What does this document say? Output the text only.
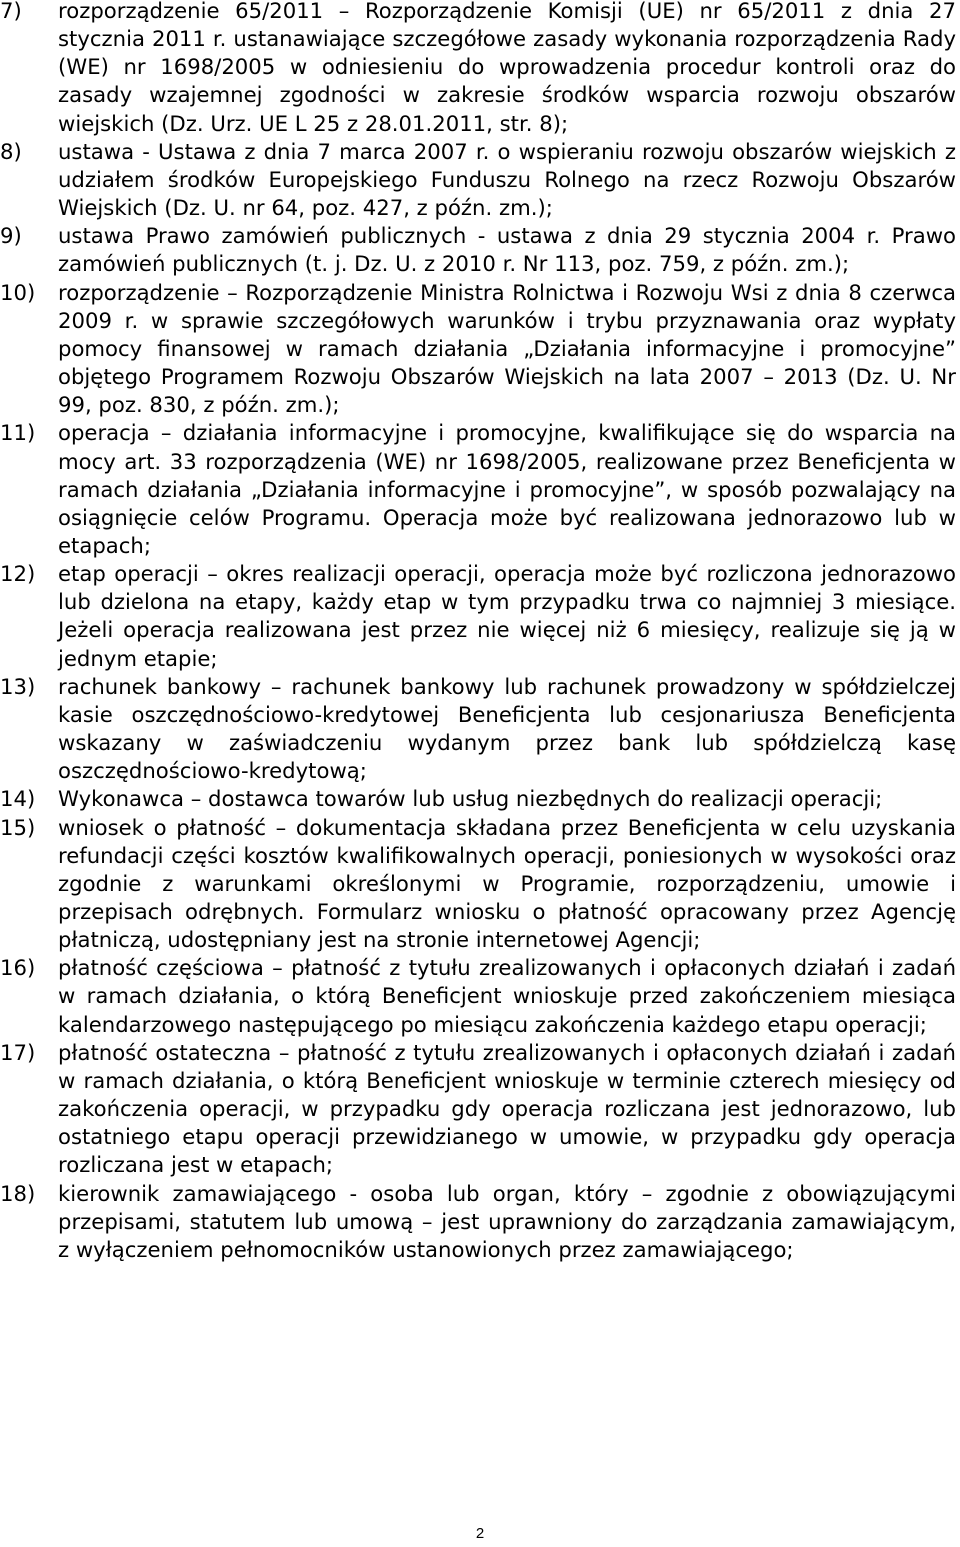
7) rozporządzenie 65/2011 – Rozporządzenie Komisji (UE) nr 65/2011 z dnia 27 stycznia 2011 r. ustanawiające szczegółowe zasady wykonania rozporządzenia Rady (WE) nr 1698/2005 w odniesieniu do wprowadzenia procedur kontroli oraz do zasady wzajemnej zgodności w zakresie środków wsparcia rozwoju obszarów wiejskich (Dz. Urz. UE L 25 z 28.01.2011, str. 8);
8) ustawa - Ustawa z dnia 7 marca 2007 r. o wspieraniu rozwoju obszarów wiejskich z udziałem środków Europejskiego Funduszu Rolnego na rzecz Rozwoju Obszarów Wiejskich (Dz. U. nr 64, poz. 427, z późn. zm.);
9) ustawa Prawo zamówień publicznych - ustawa z dnia 29 stycznia 2004 r. Prawo zamówień publicznych (t. j. Dz. U. z 2010 r. Nr 113, poz. 759, z późn. zm.);
10) rozporządzenie – Rozporządzenie Ministra Rolnictwa i Rozwoju Wsi z dnia 8 czerwca 2009 r. w sprawie szczegółowych warunków i trybu przyznawania oraz wypłaty pomocy finansowej w ramach działania „Działania informacyjne i promocyjne” objętego Programem Rozwoju Obszarów Wiejskich na lata 2007 – 2013 (Dz. U. Nr 99, poz. 830, z późn. zm.);
11) operacja – działania informacyjne i promocyjne, kwalifikujące się do wsparcia na mocy art. 33 rozporządzenia (WE) nr 1698/2005, realizowane przez Beneficjenta w ramach działania „Działania informacyjne i promocyjne”, w sposób pozwalający na osiągnięcie celów Programu. Operacja może być realizowana jednorazowo lub w etapach;
12) etap operacji – okres realizacji operacji, operacja może być rozliczona jednorazowo lub dzielona na etapy, każdy etap w tym przypadku trwa co najmniej 3 miesiące. Jeżeli operacja realizowana jest przez nie więcej niż 6 miesięcy, realizuje się ją w jednym etapie;
13) rachunek bankowy – rachunek bankowy lub rachunek prowadzony w spółdzielczej kasie oszczędnościowo-kredytowej Beneficjenta lub cesjonariusza Beneficjenta wskazany w zaświadczeniu wydanym przez bank lub spółdzielczą kasę oszczędnościowo-kredytową;
14) Wykonawca – dostawca towarów lub usług niezbędnych do realizacji operacji;
15) wniosek o płatność – dokumentacja składana przez Beneficjenta w celu uzyskania refundacji części kosztów kwalifikowalnych operacji, poniesionych w wysokości oraz zgodnie z warunkami określonymi w Programie, rozporządzeniu, umowie i przepisach odrębnych. Formularz wniosku o płatność opracowany przez Agencję płatniczą, udostępniany jest na stronie internetowej Agencji;
16) płatność częściowa – płatność z tytułu zrealizowanych i opłaconych działań i zadań w ramach działania, o którą Beneficjent wnioskuje przed zakończeniem miesiąca kalendarzowego następującego po miesiącu zakończenia każdego etapu operacji;
17) płatność ostateczna – płatność z tytułu zrealizowanych i opłaconych działań i zadań w ramach działania, o którą Beneficjent wnioskuje w terminie czterech miesięcy od zakończenia operacji, w przypadku gdy operacja rozliczana jest jednorazowo, lub ostatniego etapu operacji przewidzianego w umowie, w przypadku gdy operacja rozliczana jest w etapach;
18) kierownik zamawiającego - osoba lub organ, który – zgodnie z obowiązującymi przepisami, statutem lub umową – jest uprawniony do zarządzania zamawiającym, z wyłączeniem pełnomocników ustanowionych przez zamawiającego;
2
